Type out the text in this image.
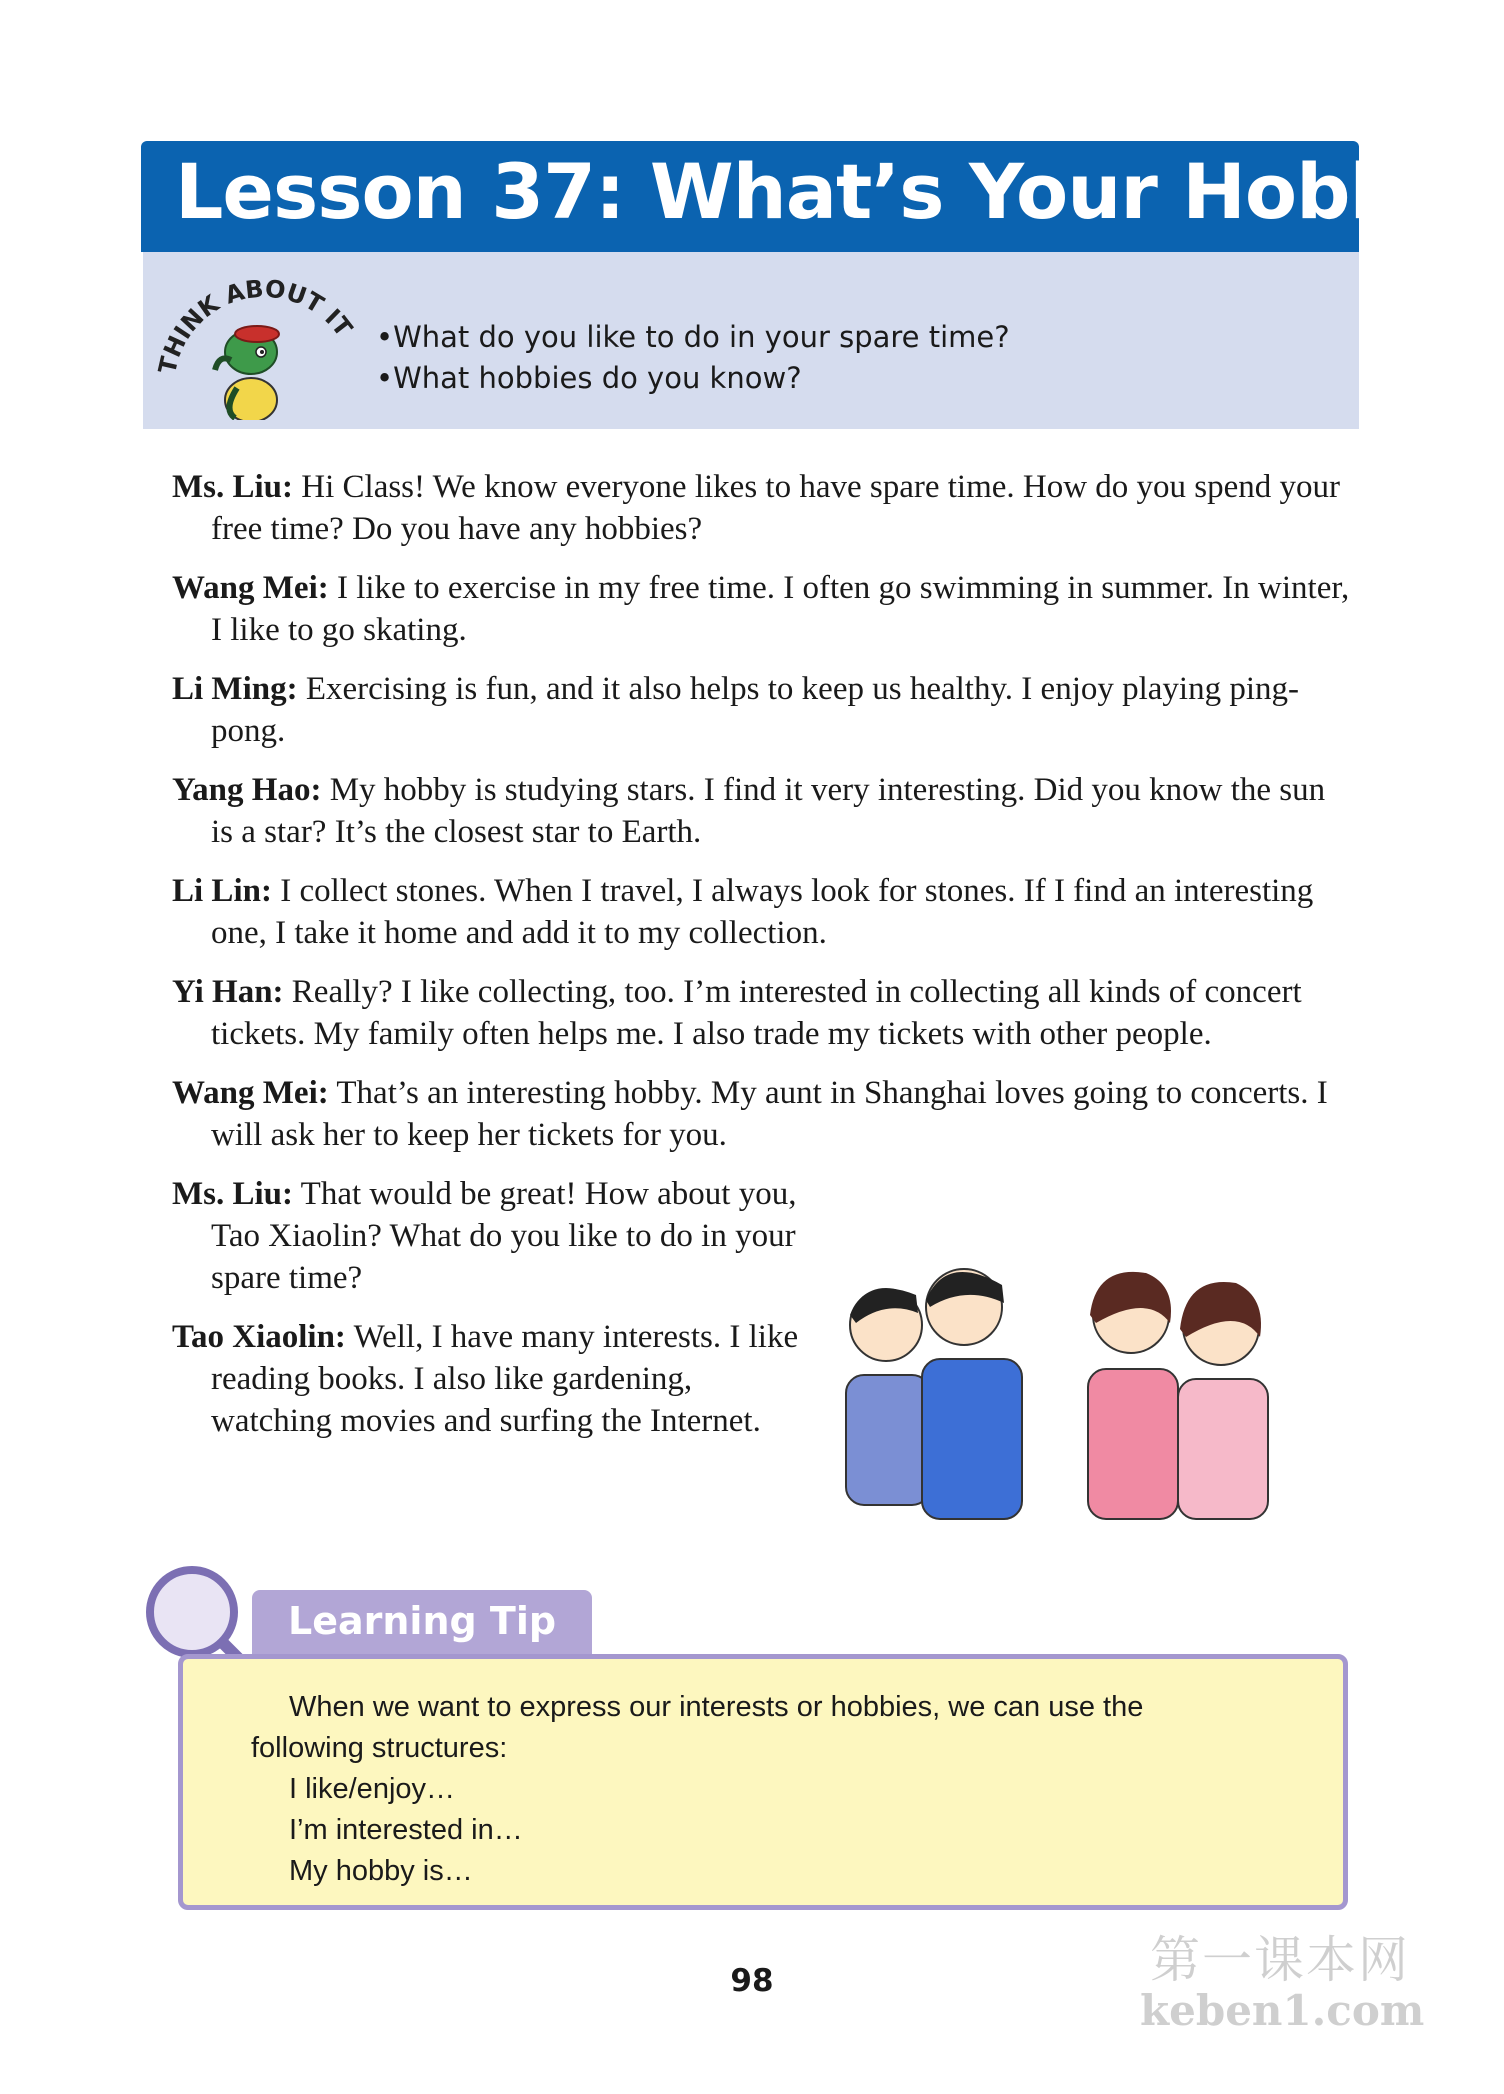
Lesson 37: What’s Your Hobby?
THINK ABOUT IT
•	What do you like to do in your spare time?
• What hobbies do you know?

Ms. Liu: Hi Class! We know everyone likes to have spare time. How do you spend your free time? Do you have any hobbies?

Wang Mei: I like to exercise in my free time. I often go swimming in summer. In winter, I like to go skating.

Li Ming: Exercising is fun, and it also helps to keep us healthy. I enjoy playing ping-pong.

Yang Hao: My hobby is studying stars. I find it very interesting. Did you know the sun is a star? It’s the closest star to Earth.

Li Lin: I collect stones. When I travel, I always look for stones. If I find an interesting one, I take it home and add it to my collection.

Yi Han: Really? I like collecting, too. I’m interested in collecting all kinds of concert tickets. My family often helps me. I also trade my tickets with other people.

Wang Mei: That’s an interesting hobby. My aunt in Shanghai loves going to concerts. I will ask her to keep her tickets for you.

Ms. Liu: That would be great! How about you, Tao Xiaolin? What do you like to do in your spare time?

Tao Xiaolin: Well, I have many interests. I like reading books. I also like gardening, watching movies and surfing the Internet.

Learning Tip
When we want to express our interests or hobbies, we can use the following structures:
I like/enjoy…
I’m interested in…
My hobby is…
98	第一课本网
keben1.com
